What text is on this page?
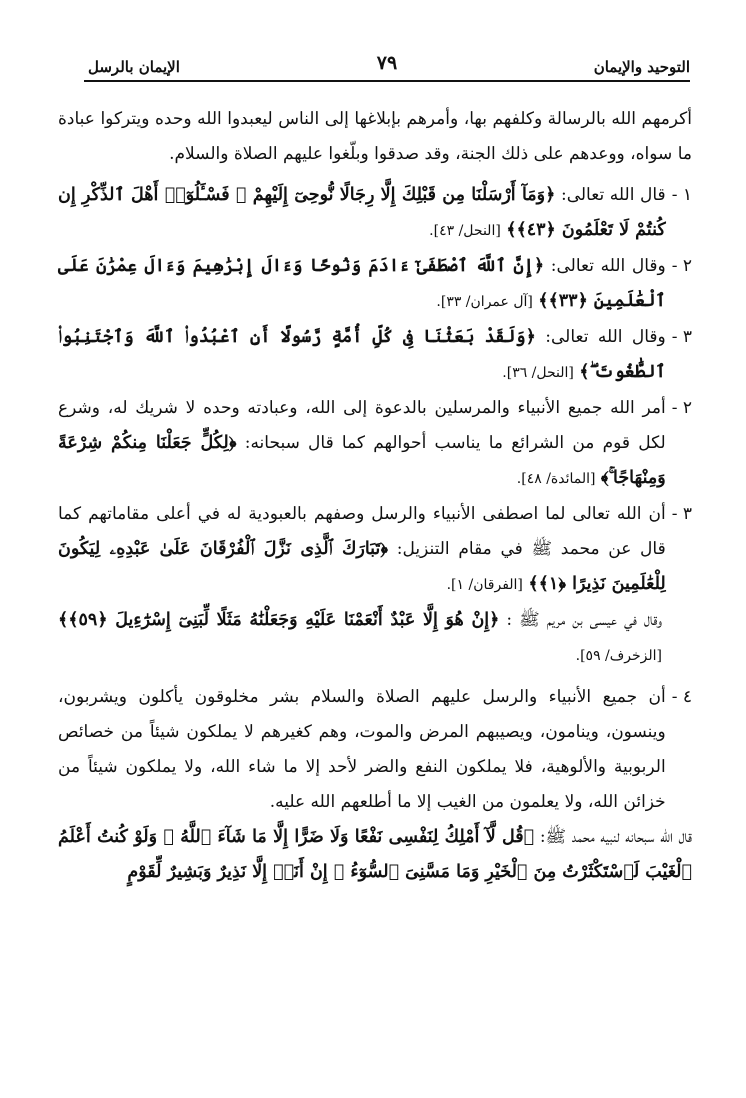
التوحيد والإيمان
٧٩
الإيمان بالرسل

أكرمهم الله بالرسالة وكلفهم بها، وأمرهم بإبلاغها إلى الناس ليعبدوا الله وحده ويتركوا عبادة ما سواه، ووعدهم على ذلك الجنة، وقد صدقوا وبلّغوا عليهم الصلاة والسلام.

١ -
قال الله تعالى: ﴿وَمَآ أَرْسَلْنَا مِن قَبْلِكَ إِلَّا رِجَالًا نُّوحِىٓ إِلَيْهِمْ ۚ فَسْـَٔلُوٓا۟ أَهْلَ ٱلذِّكْرِ إِن كُنتُمْ لَا تَعْلَمُونَ ﴿٤٣﴾﴾ [النحل/ ٤٣].
٢ -
وقال الله تعالى: ﴿إِنَّ ٱللَّهَ ٱصْطَفَىٰٓ ءَادَمَ وَنُوحًا وَءَالَ إِبْرَٰهِيمَ وَءَالَ عِمْرَٰنَ عَلَى ٱلْعَٰلَمِينَ ﴿٣٣﴾﴾ [آل عمران/ ٣٣].
٣ -
وقال الله تعالى: ﴿وَلَقَدْ بَعَثْنَا فِى كُلِّ أُمَّةٍ رَّسُولًا أَنِ ٱعْبُدُوا۟ ٱللَّهَ وَٱجْتَنِبُوا۟ ٱلطَّٰغُوتَ ۖ﴾ [النحل/ ٣٦].
٢ -
أمر الله جميع الأنبياء والمرسلين بالدعوة إلى الله، وعبادته وحده لا شريك له، وشرع لكل قوم من الشرائع ما يناسب أحوالهم كما قال سبحانه: ﴿لِكُلٍّ جَعَلْنَا مِنكُمْ شِرْعَةً وَمِنْهَاجًا ۚ﴾ [المائدة/ ٤٨].
٣ -
أن الله تعالى لما اصطفى الأنبياء والرسل وصفهم بالعبودية له في أعلى مقاماتهم كما قال عن محمد ﷺ في مقام التنزيل: ﴿تَبَارَكَ ٱلَّذِى نَزَّلَ ٱلْفُرْقَانَ عَلَىٰ عَبْدِهِۦ لِيَكُونَ لِلْعَٰلَمِينَ نَذِيرًا ﴿١﴾﴾ [الفرقان/ ١].

وقال في عيسى بن مريم ﷺ : ﴿إِنْ هُوَ إِلَّا عَبْدٌ أَنْعَمْنَا عَلَيْهِ وَجَعَلْنَٰهُ مَثَلًا لِّبَنِىٓ إِسْرَٰٓءِيلَ ﴿٥٩﴾﴾ [الزخرف/ ٥٩].

٤ -
أن جميع الأنبياء والرسل عليهم الصلاة والسلام بشر مخلوقون يأكلون ويشربون، وينسون، وينامون، ويصيبهم المرض والموت، وهم كغيرهم لا يملكون شيئاً من خصائص الربوبية والألوهية، فلا يملكون النفع والضر لأحد إلا ما شاء الله، ولا يملكون شيئاً من خزائن الله، ولا يعلمون من الغيب إلا ما أطلعهم الله عليه.

قال الله سبحانه لنبيه محمد ﷺ: ﴿قُل لَّآ أَمْلِكُ لِنَفْسِى نَفْعًا وَلَا ضَرًّا إِلَّا مَا شَآءَ ٱللَّهُ ۚ وَلَوْ كُنتُ أَعْلَمُ ٱلْغَيْبَ لَٱسْتَكْثَرْتُ مِنَ ٱلْخَيْرِ وَمَا مَسَّنِىَ ٱلسُّوٓءُ ۚ إِنْ أَنَا۠ إِلَّا نَذِيرٌ وَبَشِيرٌ لِّقَوْمٍ
